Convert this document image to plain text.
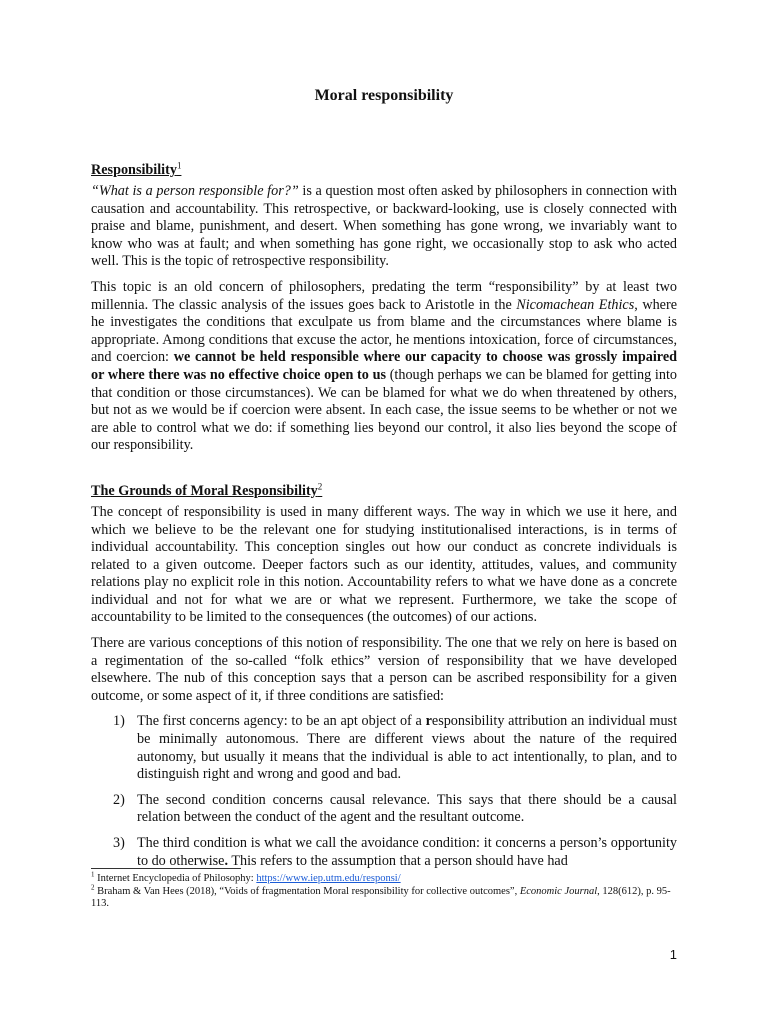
Moral responsibility
Responsibility$^1$

“What is a person responsible for?” is a question most often asked by philosophers in connection with causation and accountability. This retrospective, or backward-looking, use is closely connected with praise and blame, punishment, and desert. When something has gone wrong, we invariably want to know who was at fault; and when something has gone right, we occasionally stop to ask who acted well. This is the topic of retrospective responsibility.

This topic is an old concern of philosophers, predating the term “responsibility” by at least two millennia. The classic analysis of the issues goes back to Aristotle in the Nicomachean Ethics, where he investigates the conditions that exculpate us from blame and the circumstances where blame is appropriate. Among conditions that excuse the actor, he mentions intoxication, force of circumstances, and coercion: we cannot be held responsible where our capacity to choose was grossly impaired or where there was no effective choice open to us (though perhaps we can be blamed for getting into that condition or those circumstances). We can be blamed for what we do when threatened by others, but not as we would be if coercion were absent. In each case, the issue seems to be whether or not we are able to control what we do: if something lies beyond our control, it also lies beyond the scope of our responsibility.

The Grounds of Moral Responsibility$^2$

The concept of responsibility is used in many different ways. The way in which we use it here, and which we believe to be the relevant one for studying institutionalised interactions, is in terms of individual accountability. This conception singles out how our conduct as concrete individuals is related to a given outcome. Deeper factors such as our identity, attitudes, values, and community relations play no explicit role in this notion. Accountability refers to what we have done as a concrete individual and not for what we are or what we represent. Furthermore, we take the scope of accountability to be limited to the consequences (the outcomes) of our actions.

There are various conceptions of this notion of responsibility. The one that we rely on here is based on a regimentation of the so-called “folk ethics” version of responsibility that we have developed elsewhere. The nub of this conception says that a person can be ascribed responsibility for a given outcome, or some aspect of it, if three conditions are satisfied:

1) The first concerns agency: to be an apt object of a responsibility attribution an individual must be minimally autonomous. There are different views about the nature of the required autonomy, but usually it means that the individual is able to act intentionally, to plan, and to distinguish right and wrong and good and bad.
2) The second condition concerns causal relevance. This says that there should be a causal relation between the conduct of the agent and the resultant outcome.
3) The third condition is what we call the avoidance condition: it concerns a person’s opportunity to do otherwise. This refers to the assumption that a person should have had

$^1$ Internet Encyclopedia of Philosophy: https://www.iep.utm.edu/responsi/

$^2$ Braham & Van Hees (2018), “Voids of fragmentation Moral responsibility for collective outcomes”, Economic Journal, 128(612), p. 95-113.

1
